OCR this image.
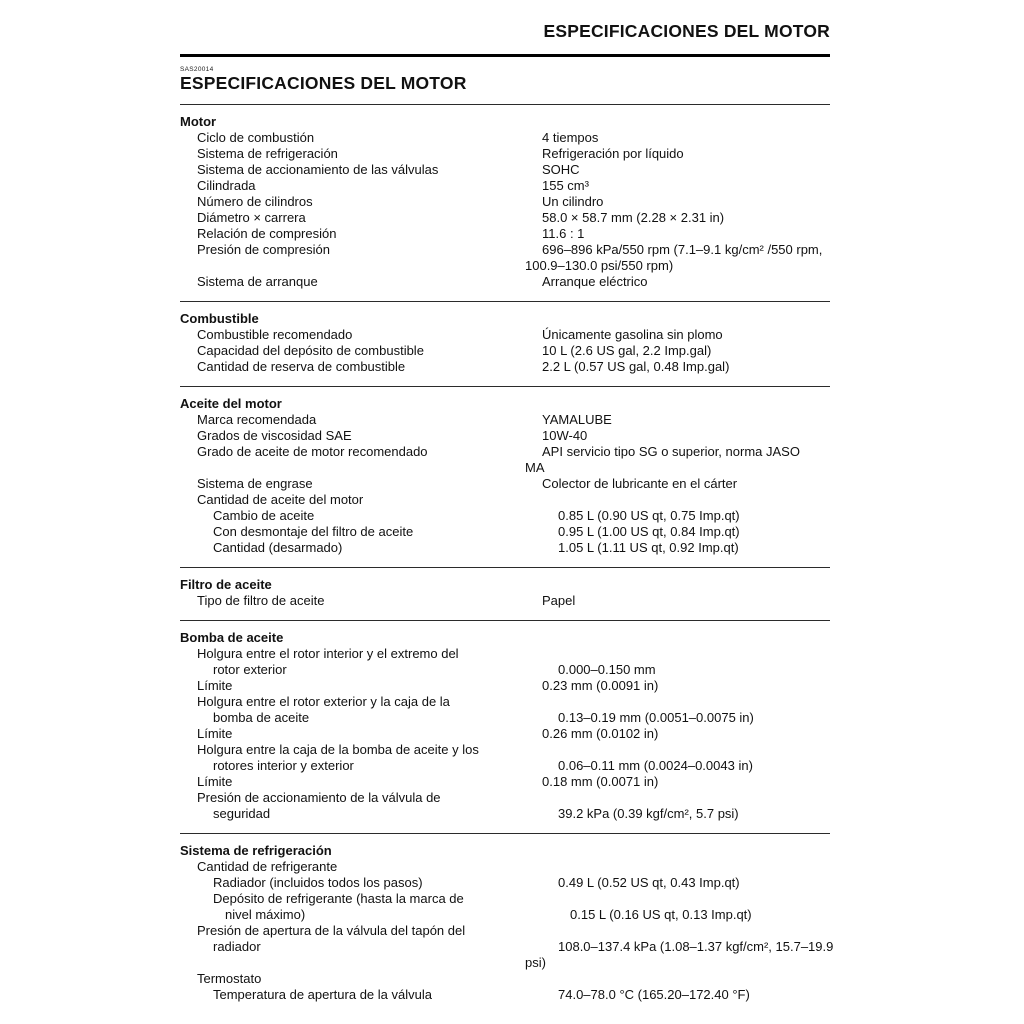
ESPECIFICACIONES DEL MOTOR
SAS20014
ESPECIFICACIONES DEL MOTOR
Motor
Ciclo de combustión	4 tiempos
Sistema de refrigeración	Refrigeración por líquido
Sistema de accionamiento de las válvulas	SOHC
Cilindrada	155 cm³
Número de cilindros	Un cilindro
Diámetro × carrera	58.0 × 58.7 mm (2.28 × 2.31 in)
Relación de compresión	11.6 : 1
Presión de compresión	696–896 kPa/550 rpm (7.1–9.1 kg/cm² /550 rpm,
100.9–130.0 psi/550 rpm)
Sistema de arranque	Arranque eléctrico
Combustible
Combustible recomendado	Únicamente gasolina sin plomo
Capacidad del depósito de combustible	10 L (2.6 US gal, 2.2 Imp.gal)
Cantidad de reserva de combustible	2.2 L (0.57 US gal, 0.48 Imp.gal)
Aceite del motor
Marca recomendada	YAMALUBE
Grados de viscosidad SAE	10W-40
Grado de aceite de motor recomendado	API servicio tipo SG o superior, norma JASO
MA
Sistema de engrase	Colector de lubricante en el cárter
Cantidad de aceite del motor
Cambio de aceite	0.85 L (0.90 US qt, 0.75 Imp.qt)
Con desmontaje del filtro de aceite	0.95 L (1.00 US qt, 0.84 Imp.qt)
Cantidad (desarmado)	1.05 L (1.11 US qt, 0.92 Imp.qt)
Filtro de aceite
Tipo de filtro de aceite	Papel
Bomba de aceite
Holgura entre el rotor interior y el extremo del
rotor exterior	0.000–0.150 mm
Límite	0.23 mm (0.0091 in)
Holgura entre el rotor exterior y la caja de la
bomba de aceite	0.13–0.19 mm (0.0051–0.0075 in)
Límite	0.26 mm (0.0102 in)
Holgura entre la caja de la bomba de aceite y los
rotores interior y exterior	0.06–0.11 mm (0.0024–0.0043 in)
Límite	0.18 mm (0.0071 in)
Presión de accionamiento de la válvula de
seguridad	39.2 kPa (0.39 kgf/cm², 5.7 psi)
Sistema de refrigeración
Cantidad de refrigerante
Radiador (incluidos todos los pasos)	0.49 L (0.52 US qt, 0.43 Imp.qt)
Depósito de refrigerante (hasta la marca de
nivel máximo)	0.15 L (0.16 US qt, 0.13 Imp.qt)
Presión de apertura de la válvula del tapón del
radiador	108.0–137.4 kPa (1.08–1.37 kgf/cm², 15.7–19.9
psi)
Termostato
Temperatura de apertura de la válvula	74.0–78.0 °C (165.20–172.40 °F)
